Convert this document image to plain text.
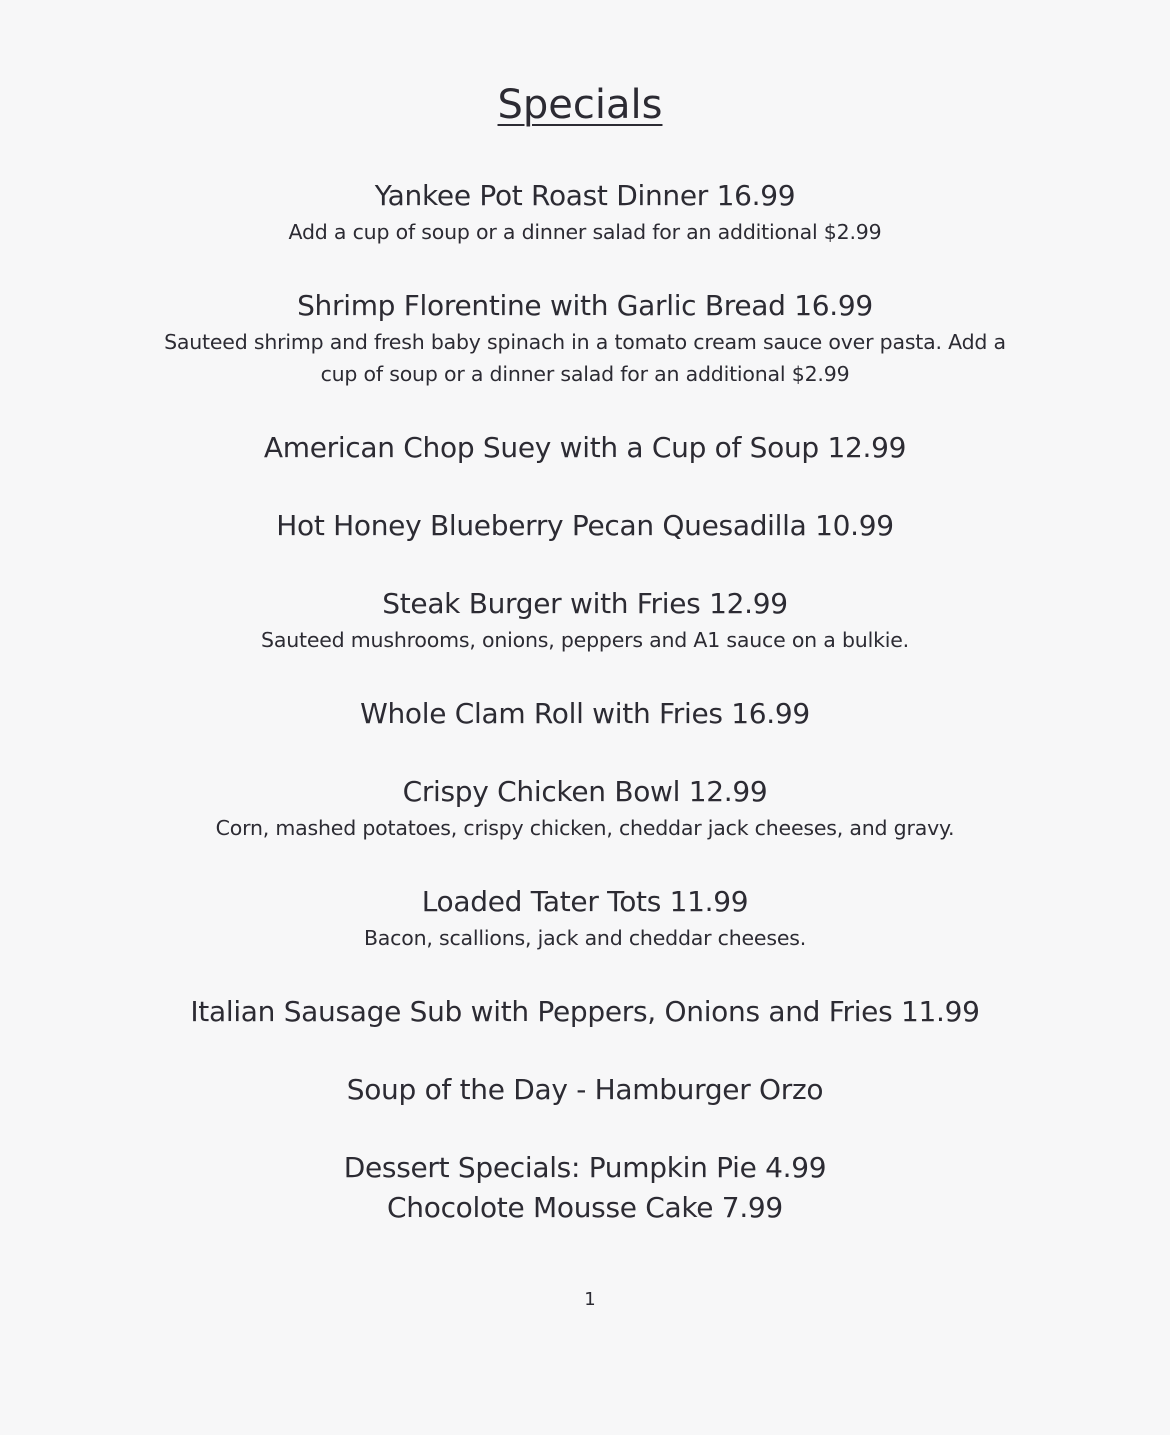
Specials
Yankee Pot Roast Dinner 16.99
Add a cup of soup or a dinner salad for an additional $2.99
Shrimp Florentine with Garlic Bread 16.99
Sauteed shrimp and fresh baby spinach in a tomato cream sauce over pasta. Add a cup of soup or a dinner salad for an additional $2.99
American Chop Suey with a Cup of Soup 12.99
Hot Honey Blueberry Pecan Quesadilla 10.99
Steak Burger with Fries 12.99
Sauteed mushrooms, onions, peppers and A1 sauce on a bulkie.
Whole Clam Roll with Fries 16.99
Crispy Chicken Bowl 12.99
Corn, mashed potatoes, crispy chicken, cheddar jack cheeses, and gravy.
Loaded Tater Tots 11.99
Bacon, scallions, jack and cheddar cheeses.
Italian Sausage Sub with Peppers, Onions and Fries 11.99
Soup of the Day - Hamburger Orzo
Dessert Specials: Pumpkin Pie 4.99
Chocolote Mousse Cake 7.99
1
